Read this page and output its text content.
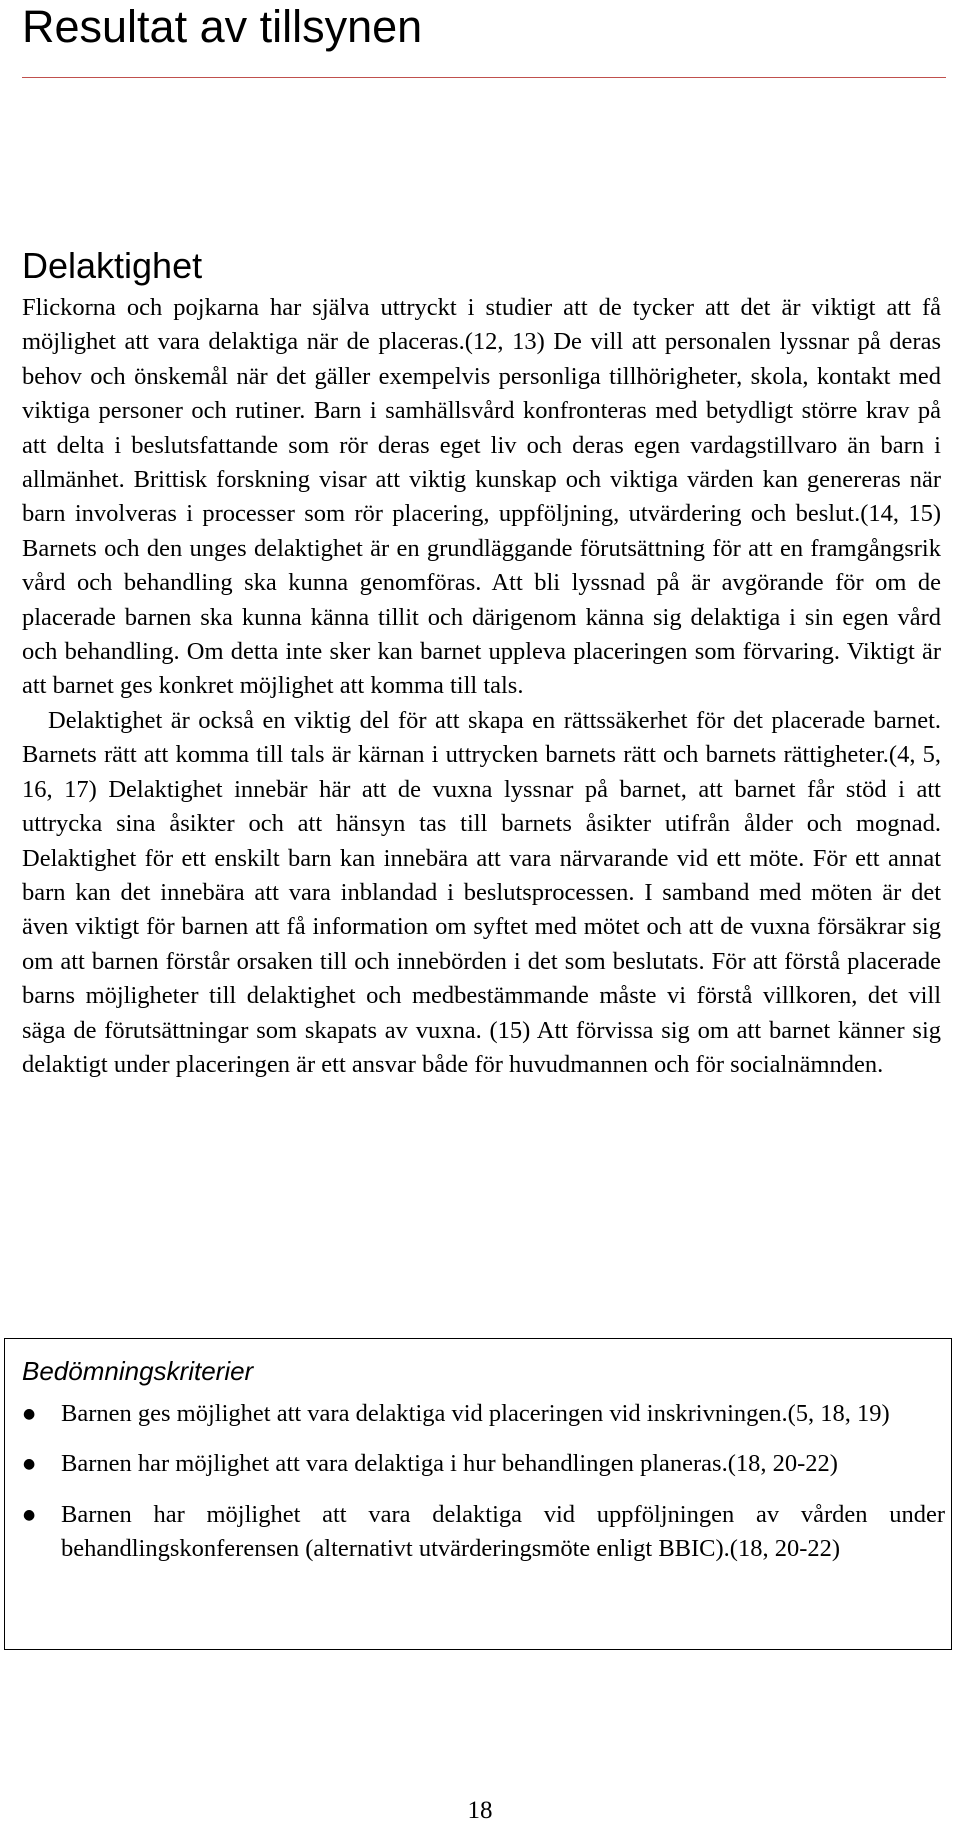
Resultat av tillsynen
Delaktighet

Flickorna och pojkarna har själva uttryckt i studier att de tycker att det är viktigt att få möjlighet att vara delaktiga när de placeras.(12, 13) De vill att personalen lyssnar på deras behov och önskemål när det gäller exempelvis personliga tillhörigheter, skola, kontakt med viktiga personer och rutiner. Barn i samhällsvård konfronteras med betydligt större krav på att delta i beslutsfattande som rör deras eget liv och deras egen vardagstillvaro än barn i allmänhet. Brittisk forskning visar att viktig kunskap och viktiga värden kan genereras när barn involveras i processer som rör placering, uppföljning, utvärdering och beslut.(14, 15) Barnets och den unges delaktighet är en grundläggande förutsättning för att en framgångsrik vård och behandling ska kunna genomföras. Att bli lyssnad på är avgörande för om de placerade barnen ska kunna känna tillit och därigenom känna sig delaktiga i sin egen vård och behandling. Om detta inte sker kan barnet uppleva placeringen som förvaring. Viktigt är att barnet ges konkret möjlighet att komma till tals.

Delaktighet är också en viktig del för att skapa en rättssäkerhet för det placerade barnet. Barnets rätt att komma till tals är kärnan i uttrycken barnets rätt och barnets rättigheter.(4, 5, 16, 17) Delaktighet innebär här att de vuxna lyssnar på barnet, att barnet får stöd i att uttrycka sina åsikter och att hänsyn tas till barnets åsikter utifrån ålder och mognad. Delaktighet för ett enskilt barn kan innebära att vara närvarande vid ett möte. För ett annat barn kan det innebära att vara inblandad i beslutsprocessen. I samband med möten är det även viktigt för barnen att få information om syftet med mötet och att de vuxna försäkrar sig om att barnen förstår orsaken till och innebörden i det som beslutats. För att förstå placerade barns möjligheter till delaktighet och medbestämmande måste vi förstå villkoren, det vill säga de förutsättningar som skapats av vuxna. (15) Att förvissa sig om att barnet känner sig delaktigt under placeringen är ett ansvar både för huvudmannen och för socialnämnden.

Bedömningskriterier
● Barnen ges möjlighet att vara delaktiga vid placeringen vid inskrivningen.(5, 18, 19)
● Barnen har möjlighet att vara delaktiga i hur behandlingen planeras.(18, 20-22)
● Barnen har möjlighet att vara delaktiga vid uppföljningen av vården under behandlingskonferensen (alternativt utvärderingsmöte enligt BBIC).(18, 20-22)
18
